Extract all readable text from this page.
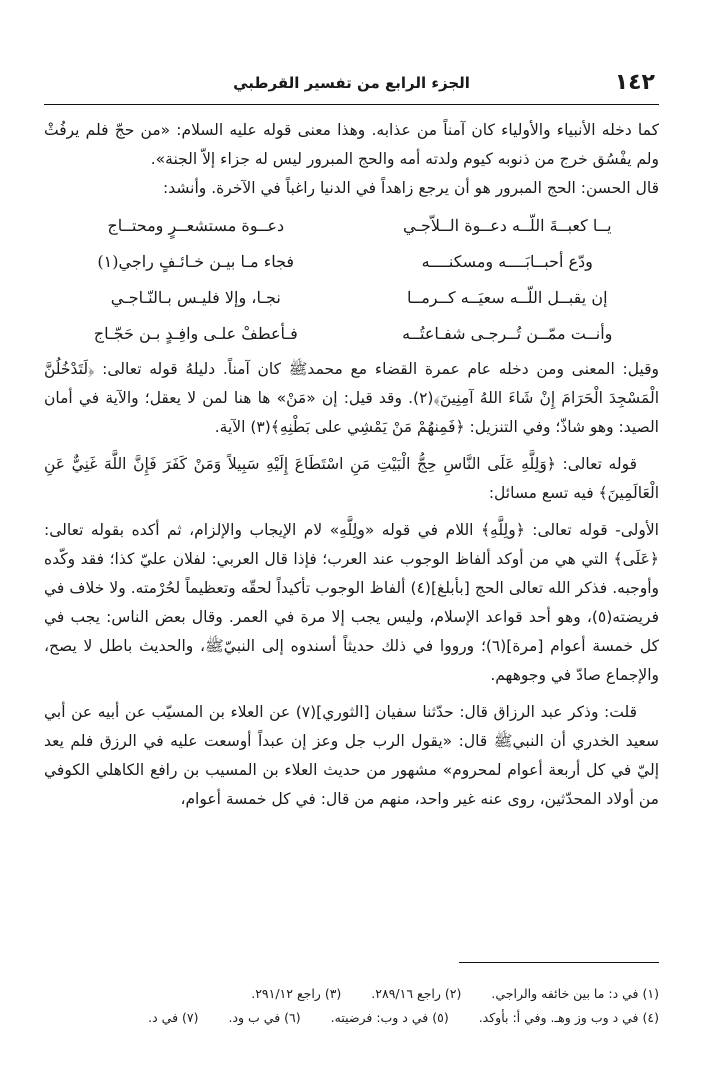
١٤٢
الجزء الرابع من تفسير القرطبي

كما دخله الأنبياء والأولياء كان آمناً من عذابه. وهذا معنى قوله عليه السلام: «من حجّ فلم يرفُثْ ولم يفْسُق خرج من ذنوبه كيوم ولدته أمه والحج المبرور ليس له جزاء إلاّ الجنة».

قال الحسن: الحج المبرور هو أن يرجع زاهداً في الدنيا راغباً في الآخرة. وأنشد:

يــا كعبــةَ اللّــه دعــوة الــلاّجـي
دعــوة مستشعــرٍ ومحتــاج
ودّع أحبــابَــــه ومسكنــــه
فجاء مـا بيـن خـائـفٍ راجي(١)
إن يقبــل اللّــه سعيَــه كــرمــا
نجـا، وإلا فليـس بـالنّـاجـي
وأنــت ممّــن تُــرجـى شفـاعتُــه
فـأعطفْ علـى وافِـدٍ بـن حَجّـاج

وقيل: المعنى ومن دخله عام عمرة القضاء مع محمدﷺ كان آمناً. دليلهُ قوله تعالى: ﴿لَتَدْخُلُنَّ الْمَسْجِدَ الْحَرَامَ إِنْ شَاءَ اللهُ آمِنِينَ﴾(٢). وقد قيل: إن «مَنْ» ها هنا لمن لا يعقل؛ والآية في أمان الصيد: وهو شاذّ؛ وفي التنزيل: ﴿فَمِنهُمْ مَنْ يَمْشِي على بَطْنِهِ﴾(٣) الآية.

قوله تعالى: ﴿وَلِلَّهِ عَلَى النَّاسِ حِجُّ الْبَيْتِ مَنِ اسْتَطَاعَ إِلَيْهِ سَبِيلاً وَمَنْ كَفَرَ فَإِنَّ اللَّهَ غَنِيٌّ عَنِ الْعَالَمِينَ﴾ فيه تسع مسائل:

الأولى- قوله تعالى: ﴿ولِلَّهِ﴾ اللام في قوله «ولِلَّهِ» لام الإيجاب والإلزام، ثم أكده بقوله تعالى: ﴿عَلَى﴾ التي هي من أوكد ألفاظ الوجوب عند العرب؛ فإذا قال العربي: لفلان عليّ كذا؛ فقد وكّده وأوجبه. فذكر الله تعالى الحج [بأبلغ](٤) ألفاظ الوجوب تأكيداً لحقّه وتعظيماً لحُرْمته. ولا خلاف في فريضته(٥)، وهو أحد قواعد الإسلام، وليس يجب إلا مرة في العمر. وقال بعض الناس: يجب في كل خمسة أعوام [مرة](٦)؛ ورووا في ذلك حديثاً أسندوه إلى النبيّﷺ، والحديث باطل لا يصح، والإجماع صادّ في وجوههم.

قلت: وذكر عبد الرزاق قال: حدّثنا سفيان [الثوري](٧) عن العلاء بن المسيّب عن أبيه عن أبي سعيد الخدري أن النبيﷺ قال: «يقول الرب جل وعز إن عبداً أوسعت عليه في الرزق فلم يعد إليّ في كل أربعة أعوام لمحروم» مشهور من حديث العلاء بن المسيب بن رافع الكاهلي الكوفي من أولاد المحدّثين، روى عنه غير واحد، منهم من قال: في كل خمسة أعوام،

(١) في د: ما بين خائفه والراجي. (٢) راجع ٢٨٩/١٦. (٣) راجع ٢٩١/١٢.
(٤) في د وب وز وهـ. وفي أ: بأوكد. (٥) في د وب: فرضيته. (٦) في ب ود. (٧) في د.
